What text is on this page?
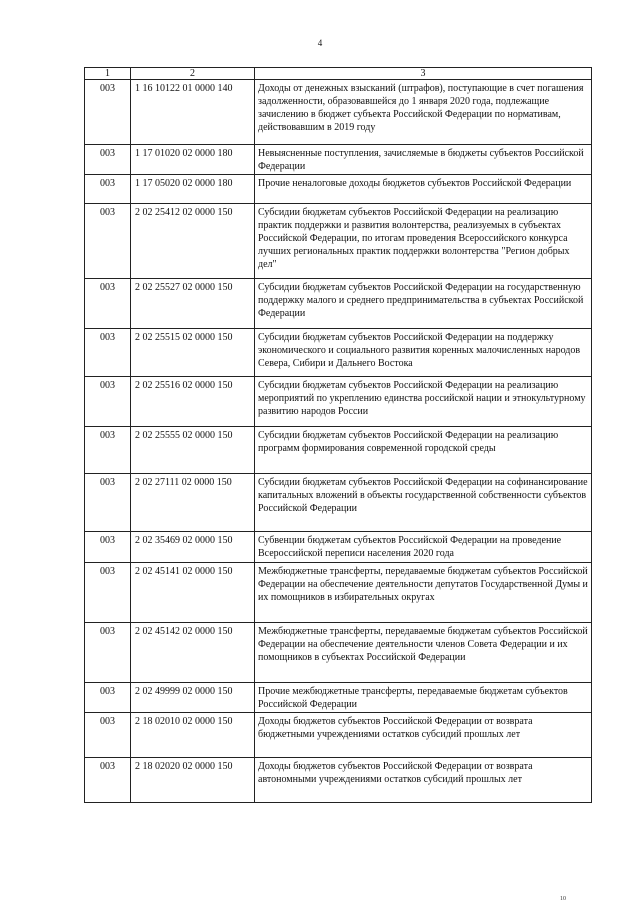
4
1	2	3
003	1 16 10122 01 0000 140	Доходы от денежных взысканий (штрафов), поступающие в счет погашения задолженности, образовавшейся до 1 января 2020 года, подлежащие зачислению в бюджет субъекта Российской Федерации по нормативам, действовавшим в 2019 году
003	1 17 01020 02 0000 180	Невыясненные поступления, зачисляемые в бюджеты субъектов Российской Федерации
003	1 17 05020 02 0000 180	Прочие неналоговые доходы бюджетов субъектов Российской Федерации
003	2 02 25412 02 0000 150	Субсидии бюджетам субъектов Российской Федерации на реализацию практик поддержки и развития волонтерства, реализуемых в субъектах Российской Федерации, по итогам проведения Всероссийского конкурса лучших региональных практик поддержки волонтерства "Регион добрых дел"
003	2 02 25527 02 0000 150	Субсидии бюджетам субъектов Российской Федерации на государственную поддержку малого и среднего предпринимательства в субъектах Российской Федерации
003	2 02 25515 02 0000 150	Субсидии бюджетам субъектов Российской Федерации на поддержку экономического и социального развития коренных малочисленных народов Севера, Сибири и Дальнего Востока
003	2 02 25516 02 0000 150	Субсидии бюджетам субъектов Российской Федерации на реализацию мероприятий по укреплению единства российской нации и этнокультурному развитию народов России
003	2 02 25555 02 0000 150	Субсидии бюджетам субъектов Российской Федерации на реализацию программ формирования современной городской среды
003	2 02 27111 02 0000 150	Субсидии бюджетам субъектов Российской Федерации на софинансирование капитальных вложений в объекты государственной собственности субъектов Российской Федерации
003	2 02 35469 02 0000 150	Субвенции бюджетам субъектов Российской Федерации на проведение Всероссийской переписи населения 2020 года
003	2 02 45141 02 0000 150	Межбюджетные трансферты, передаваемые бюджетам субъектов Российской Федерации на обеспечение деятельности депутатов Государственной Думы и их помощников в избирательных округах
003	2 02 45142 02 0000 150	Межбюджетные трансферты, передаваемые бюджетам субъектов Российской Федерации на обеспечение деятельности членов Совета Федерации и их помощников в субъектах Российской Федерации
003	2 02 49999 02 0000 150	Прочие межбюджетные трансферты, передаваемые бюджетам субъектов Российской Федерации
003	2 18 02010 02 0000 150	Доходы бюджетов субъектов Российской Федерации от возврата бюджетными учреждениями остатков субсидий прошлых лет
003	2 18 02020 02 0000 150	Доходы бюджетов субъектов Российской Федерации от возврата автономными учреждениями остатков субсидий прошлых лет
10
